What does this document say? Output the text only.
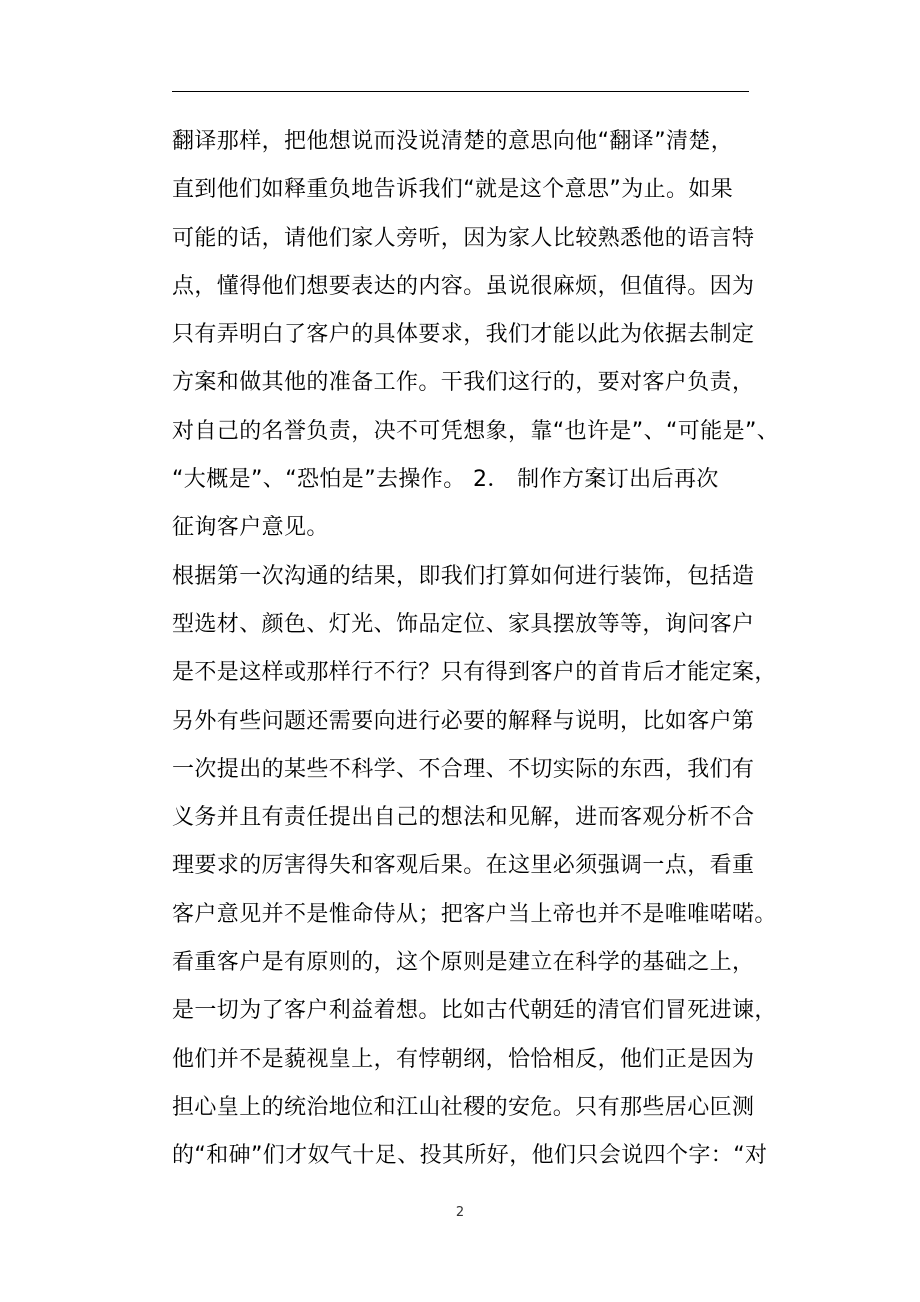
翻译那样，把他想说而没说清楚的意思向他“翻译”清楚，
直到他们如释重负地告诉我们“就是这个意思”为止。如果
可能的话，请他们家人旁听，因为家人比较熟悉他的语言特
点，懂得他们想要表达的内容。虽说很麻烦，但值得。因为
只有弄明白了客户的具体要求，我们才能以此为依据去制定
方案和做其他的准备工作。干我们这行的，要对客户负责，
对自己的名誉负责，决不可凭想象，靠“也许是”、“可能是”、
“大概是”、“恐怕是”去操作。 2． 制作方案订出后再次
征询客户意见。
根据第一次沟通的结果，即我们打算如何进行装饰，包括造
型选材、颜色、灯光、饰品定位、家具摆放等等，询问客户
是不是这样或那样行不行？只有得到客户的首肯后才能定案，
另外有些问题还需要向进行必要的解释与说明，比如客户第
一次提出的某些不科学、不合理、不切实际的东西，我们有
义务并且有责任提出自己的想法和见解，进而客观分析不合
理要求的厉害得失和客观后果。在这里必须强调一点，看重
客户意见并不是惟命侍从；把客户当上帝也并不是唯唯喏喏。
看重客户是有原则的，这个原则是建立在科学的基础之上，
是一切为了客户利益着想。比如古代朝廷的清官们冒死进谏，
他们并不是藐视皇上，有悖朝纲，恰恰相反，他们正是因为
担心皇上的统治地位和江山社稷的安危。只有那些居心叵测
的“和砷”们才奴气十足、投其所好，他们只会说四个字：“对
2
